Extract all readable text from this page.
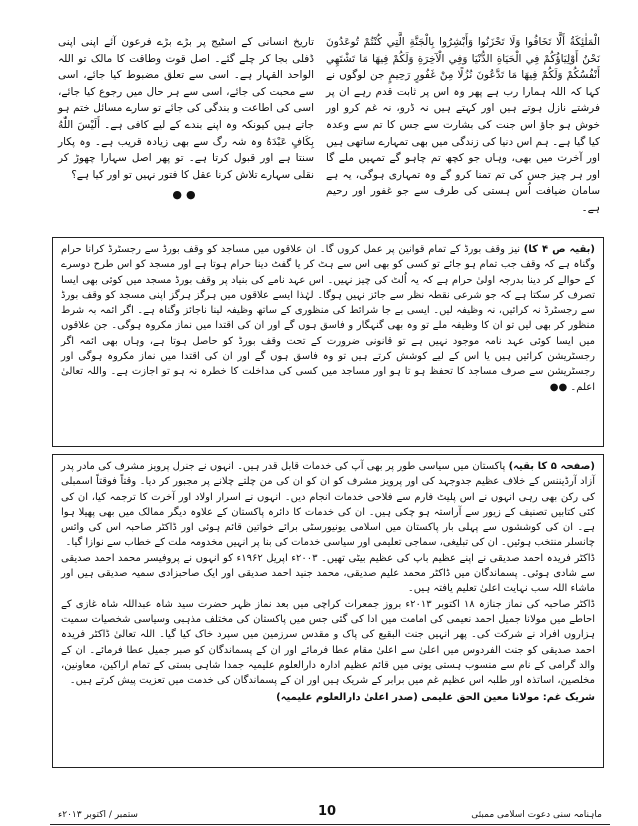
الْمَلٰئِكَةُ أَلَّا تَخَافُوا وَلَا تَحْزَنُوا وَأَبْشِرُوا بِالْجَنَّةِ الَّتِي كُنْتُمْ تُوعَدُونَ نَحْنُ أَوْلِيَاؤُكُمْ فِي الْحَيَاةِ الدُّنْيَا وَفِي الْآخِرَةِ وَلَكُمْ فِيهَا مَا تَشْتَهِي أَنْفُسُكُمْ وَلَكُمْ فِيهَا مَا تَدَّعُونَ نُزُلًا مِنْ غَفُورٍ رَحِيمٍ جن لوگوں نے کہا کہ اللہ ہمارا رب ہے پھر وہ اس پر ثابت قدم رہے ان پر فرشتے نازل ہوتے ہیں اور کہتے ہیں نہ ڈرو، نہ غم کرو اور خوش ہو جاؤ اس جنت کی بشارت سے جس کا تم سے وعدہ کیا گیا ہے۔ ہم اس دنیا کی زندگی میں بھی تمہارے ساتھی ہیں اور آخرت میں بھی، وہاں جو کچھ تم چاہو گے تمہیں ملے گا اور ہر چیز جس کی تم تمنا کرو گے وہ تمہاری ہوگی، یہ ہے سامان ضیافت اُس ہستی کی طرف سے جو غفور اور رحیم ہے۔
تاریخ انسانی کے اسٹیج پر بڑے بڑے فرعون آئے اپنی اپنی ڈفلی بجا کر چلے گئے۔ اصل قوت وطاقت کا مالک تو اللہ الواحد القہار ہے۔ اسی سے تعلق مضبوط کیا جائے، اسی سے محبت کی جائے، اسی سے ہر حال میں رجوع کیا جائے، اسی کی اطاعت و بندگی کی جائے تو سارے مسائل ختم ہو جاتے ہیں کیونکہ وہ اپنے بندے کے لیے کافی ہے۔ أَلَيْسَ اللّٰهُ بِكَافٍ عَبْدَهُ وہ شہ رگ سے بھی زیادہ قریب ہے۔ وہ پکار سنتا ہے اور قبول کرتا ہے۔ تو پھر اصل سہارا چھوڑ کر نقلی سہارے تلاش کرنا عقل کا فتور نہیں تو اور کیا ہے؟
●●
(بقیہ ص ۴ کا) نیز وقف بورڈ کے تمام قوانین پر عمل کروں گا۔ ان علاقوں میں مساجد کو وقف بورڈ سے رجسٹرڈ کرانا حرام وگناہ ہے کہ وقف جب تمام ہو جائے تو کسی کو بھی اس سے ہٹ کر یا گفٹ دینا حرام ہوتا ہے اور مسجد کو اس طرح دوسرے کے حوالے کر دینا بدرجہ اولیٰ حرام ہے کہ یہ اُلٹ کی چیز نہیں۔ اس عہد نامے کی بنیاد پر وقف بورڈ مسجد میں کوئی بھی ایسا تصرف کر سکتا ہے کہ جو شرعی نقطہ نظر سے جائز نہیں ہوگا۔ لہٰذا ایسے علاقوں میں ہرگز ہرگز اپنی مسجد کو وقف بورڈ سے رجسٹرڈ نہ کرائیں، نہ وظیفہ لیں۔ ایسی بے جا شرائط کی منظوری کے ساتھ وظیفہ لینا ناجائز وگناہ ہے۔ اگر ائمہ بہ شرط منظور کر بھی لیں تو ان کا وظیفہ ملے تو وہ بھی گنہگار و فاسق ہوں گے اور ان کی اقتدا میں نماز مکروہ ہوگی۔ جن علاقوں میں ایسا کوئی عہد نامہ موجود نہیں ہے تو قانونی ضرورت کے تحت وقف بورڈ کو حاصل ہوتا ہے، وہاں بھی ائمہ اگر رجسٹریشن کرائیں ہیں یا اس کے لیے کوشش کرتے ہیں تو وہ فاسق ہوں گے اور ان کی اقتدا میں نماز مکروہ ہوگی اور رجسٹریشن سے صرف مساجد کا تحفظ ہو تا ہو اور مساجد میں کسی کی مداخلت کا خطرہ نہ ہو تو اجازت ہے۔ واللہ تعالیٰ اعلم۔ ●●
(صفحہ ۵ کا بقیہ) پاکستان میں سیاسی طور پر بھی آپ کی خدمات قابل قدر ہیں۔ انہوں نے جنرل پرویز مشرف کی مادر پدر آزاد آرڈیننس کے خلاف عظیم جدوجہد کی اور پرویز مشرف کو ان کو ان کی من چلتے چلانے پر مجبور کر دیا۔ وقتاً فوقتاً اسمبلی کی رکن بھی رہی انہوں نے اس پلیٹ فارم سے فلاحی خدمات انجام دیں۔ انہوں نے اسرار اولاد اور آخرت کا ترجمہ کیا، ان کی کئی کتابیں تصنیف کے زیور سے آراستہ ہو چکی ہیں۔ ان کی خدمات کا دائرہ پاکستان کے علاوہ دیگر ممالک میں بھی پھیلا ہوا ہے۔ ان کی کوششوں سے پہلی بار پاکستان میں اسلامی یونیورسٹی برائے خواتین قائم ہوئی اور ڈاکٹر صاحبہ اس کی وائس چانسلر منتخب ہوئیں۔ ان کی تبلیغی، سماجی تعلیمی اور سیاسی خدمات کی بنا پر انہیں مخدومہ ملت کے خطاب سے نوازا گیا۔
ڈاکٹر فریدہ احمد صدیقی نے اپنے عظیم باپ کی عظیم بیٹی تھیں۔ ۲۰۰۳ء اپریل ۱۹۶۲ء کو انہوں نے پروفیسر محمد احمد صدیقی سے شادی ہوئی۔ پسماندگان میں ڈاکٹر محمد علیم صدیقی، محمد جنید احمد صدیقی اور ایک صاحبزادی سمیہ صدیقی ہیں اور ماشاء اللہ سب نہایت اعلیٰ تعلیم یافتہ ہیں۔
ڈاکٹر صاحبہ کی نماز جنازہ ۱۸ اکتوبر ۲۰۱۳ء بروز جمعرات کراچی میں بعد نماز ظہر حضرت سید شاہ عبداللہ شاہ غازی کے احاطے میں مولانا جمیل احمد نعیمی کی امامت میں ادا کی گئی جس میں پاکستان کی مختلف مذہبی وسیاسی شخصیات سمیت ہزاروں افراد نے شرکت کی۔ پھر انہیں جنت البقیع کی پاک و مقدس سرزمین میں سپرد خاک کیا گیا۔ اللہ تعالیٰ ڈاکٹر فریدہ احمد صدیقی کو جنت الفردوس میں اعلیٰ سے اعلیٰ مقام عطا فرمائے اور ان کے پسماندگان کو صبر جمیل عطا فرمائے۔ ان کے والد گرامی کے نام سے منسوب ہستی یونی میں قائم عظیم ادارہ دارالعلوم علیمیہ جمدا شاہی بستی کے تمام اراکین، معاونین، مخلصین، اساتذہ اور طلبہ اس عظیم غم میں برابر کے شریک ہیں اور ان کے پسماندگان کی خدمت میں تعزیت پیش کرتے ہیں۔
شریک غم: مولانا معین الحق علیمی (صدر اعلیٰ دارالعلوم علیمیہ)
ستمبر / اکتوبر ۲۰۱۳ء	10	ماہنامہ سنی دعوت اسلامی ممبئی
